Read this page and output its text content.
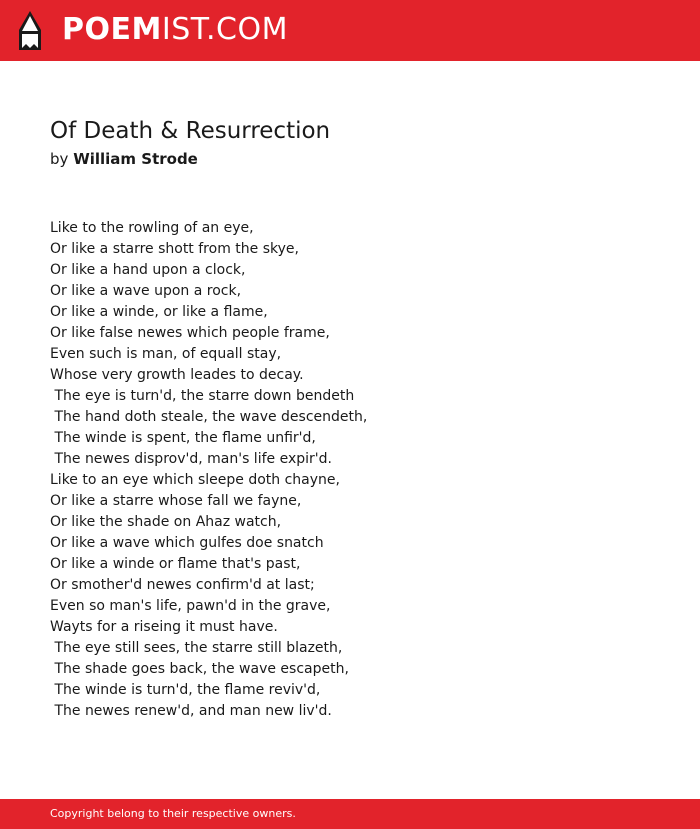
POEMIST.COM
Of Death & Resurrection
by William Strode
Like to the rowling of an eye,
Or like a starre shott from the skye,
Or like a hand upon a clock,
Or like a wave upon a rock,
Or like a winde, or like a flame,
Or like false newes which people frame,
Even such is man, of equall stay,
Whose very growth leades to decay.
The eye is turn'd, the starre down bendeth
The hand doth steale, the wave descendeth,
The winde is spent, the flame unfir'd,
The newes disprov'd, man's life expir'd.
Like to an eye which sleepe doth chayne,
Or like a starre whose fall we fayne,
Or like the shade on Ahaz watch,
Or like a wave which gulfes doe snatch
Or like a winde or flame that's past,
Or smother'd newes confirm'd at last;
Even so man's life, pawn'd in the grave,
Wayts for a riseing it must have.
The eye still sees, the starre still blazeth,
The shade goes back, the wave escapeth,
The winde is turn'd, the flame reviv'd,
The newes renew'd, and man new liv'd.
Copyright belong to their respective owners.
